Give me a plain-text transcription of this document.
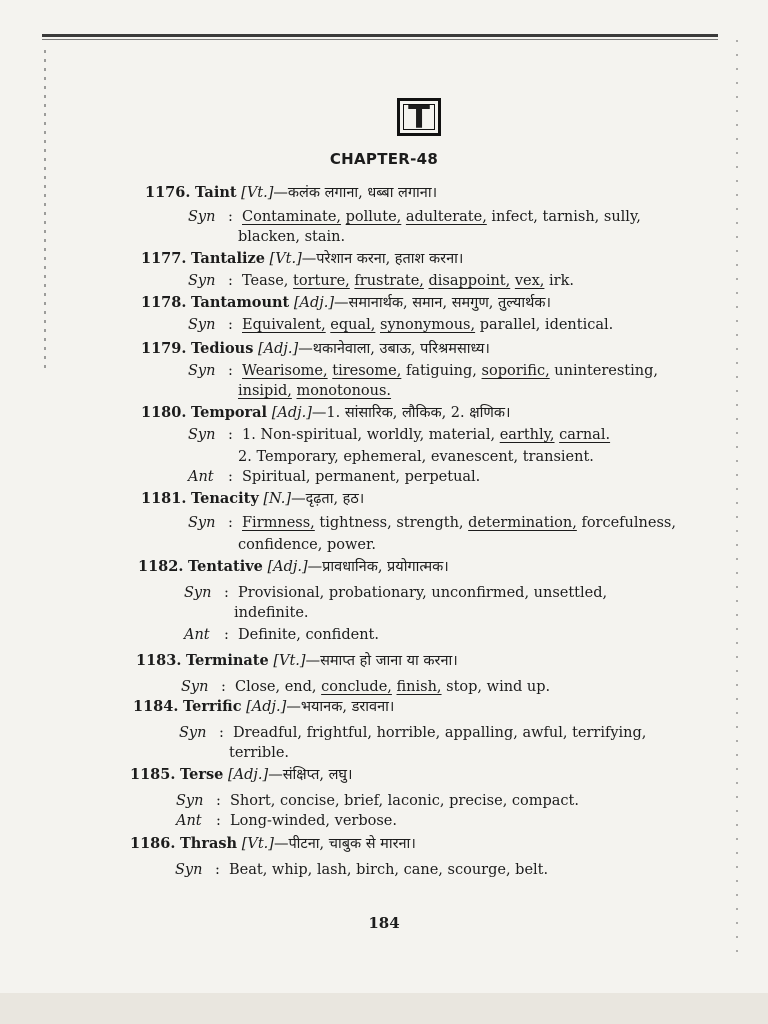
T
CHAPTER-48
1176. Taint [Vt.]—कलंक लगाना, धब्बा लगाना।
Syn : Contaminate, pollute, adulterate, infect, tarnish, sully,
blacken, stain.
1177. Tantalize [Vt.]—परेशान करना, हताश करना।
Syn : Tease, torture, frustrate, disappoint, vex, irk.
1178. Tantamount [Adj.]—समानार्थक, समान, समगुण, तुल्यार्थक।
Syn : Equivalent, equal, synonymous, parallel, identical.
1179. Tedious [Adj.]—थकानेवाला, उबाऊ, परिश्रमसाध्य।
Syn : Wearisome, tiresome, fatiguing, soporific, uninteresting,
insipid, monotonous.
1180. Temporal [Adj.]—1. सांसारिक, लौकिक, 2. क्षणिक।
Syn : 1. Non-spiritual, worldly, material, earthly, carnal.
2. Temporary, ephemeral, evanescent, transient.
Ant : Spiritual, permanent, perpetual.
1181. Tenacity [N.]—दृढ़ता, हठ।
Syn : Firmness, tightness, strength, determination, forcefulness,
confidence, power.
1182. Tentative [Adj.]—प्रावधानिक, प्रयोगात्मक।
Syn : Provisional, probationary, unconfirmed, unsettled,
indefinite.
Ant : Definite, confident.
1183. Terminate [Vt.]—समाप्त हो जाना या करना।
Syn : Close, end, conclude, finish, stop, wind up.
1184. Terrific [Adj.]—भयानक, डरावना।
Syn : Dreadful, frightful, horrible, appalling, awful, terrifying,
terrible.
1185. Terse [Adj.]—संक्षिप्त, लघु।
Syn : Short, concise, brief, laconic, precise, compact.
Ant : Long-winded, verbose.
1186. Thrash [Vt.]—पीटना, चाबुक से मारना।
Syn : Beat, whip, lash, birch, cane, scourge, belt.
184
